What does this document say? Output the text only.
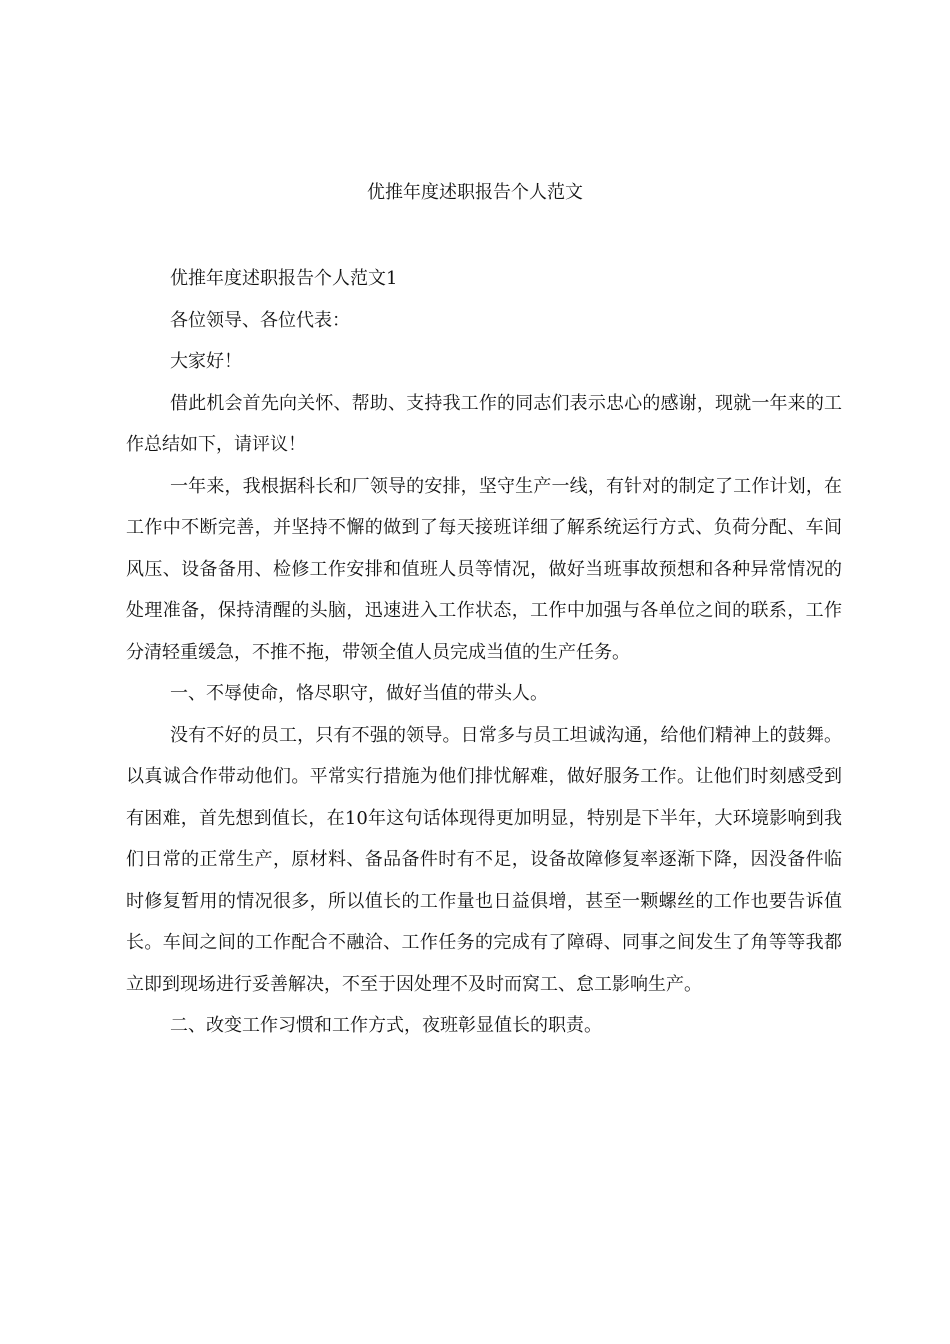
优推年度述职报告个人范文

优推年度述职报告个人范文1

各位领导、各位代表：

大家好！

借此机会首先向关怀、帮助、支持我工作的同志们表示忠心的感谢，现就一年来的工作总结如下，请评议！

一年来，我根据科长和厂领导的安排，坚守生产一线，有针对的制定了工作计划，在工作中不断完善，并坚持不懈的做到了每天接班详细了解系统运行方式、负荷分配、车间风压、设备备用、检修工作安排和值班人员等情况，做好当班事故预想和各种异常情况的处理准备，保持清醒的头脑，迅速进入工作状态，工作中加强与各单位之间的联系，工作分清轻重缓急，不推不拖，带领全值人员完成当值的生产任务。

一、不辱使命，恪尽职守，做好当值的带头人。

没有不好的员工，只有不强的领导。日常多与员工坦诚沟通，给他们精神上的鼓舞。以真诚合作带动他们。平常实行措施为他们排忧解难，做好服务工作。让他们时刻感受到有困难，首先想到值长，在10年这句话体现得更加明显，特别是下半年，大环境影响到我们日常的正常生产，原材料、备品备件时有不足，设备故障修复率逐渐下降，因没备件临时修复暂用的情况很多，所以值长的工作量也日益俱增，甚至一颗螺丝的工作也要告诉值长。车间之间的工作配合不融洽、工作任务的完成有了障碍、同事之间发生了角等等我都立即到现场进行妥善解决，不至于因处理不及时而窝工、怠工影响生产。

二、改变工作习惯和工作方式，夜班彰显值长的职责。
